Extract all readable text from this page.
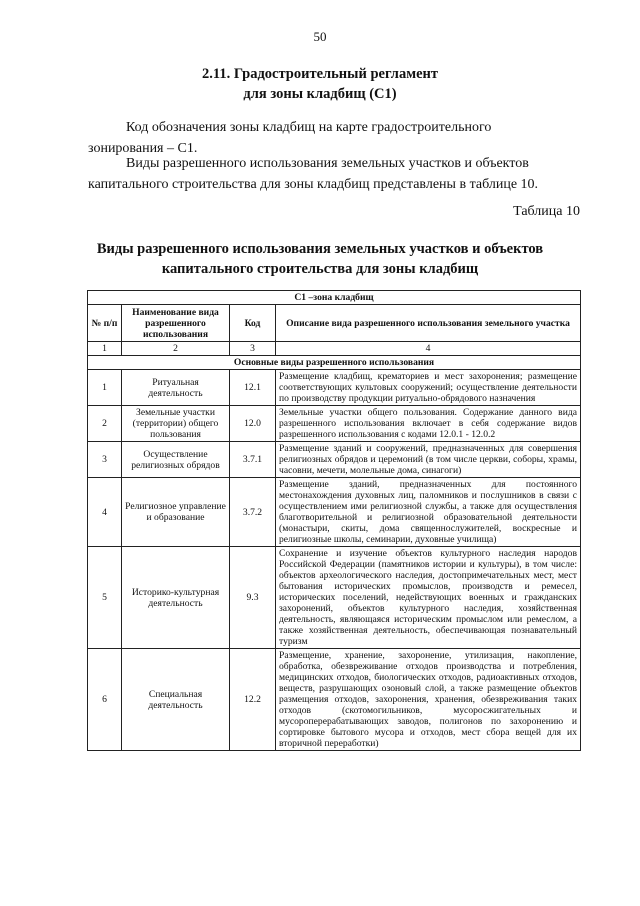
50
2.11. Градостроительный регламент
для зоны кладбищ (С1)
Код обозначения зоны кладбищ на карте градостроительного
зонирования – С1.
Виды разрешенного использования земельных участков и объектов
капитального строительства для зоны кладбищ представлены в таблице 10.
Таблица 10
Виды разрешенного использования земельных участков и объектов
капитального строительства для зоны кладбищ
С1 –зона кладбищ			
№ п/п	Наименование вида разрешенного использования	Код	Описание вида разрешенного использования земельного участка
1	2	3	4
Основные виды разрешенного использования			
1	Ритуальная деятельность	12.1	Размещение кладбищ, крематориев и мест захоронения; размещение соответствующих культовых сооружений; осуществление деятельности по производству продукции ритуально-обрядового назначения
2	Земельные участки (территории) общего пользования	12.0	Земельные участки общего пользования. Содержание данного вида разрешенного использования включает в себя содержание видов разрешенного использования с кодами 12.0.1 - 12.0.2
3	Осуществление религиозных обрядов	3.7.1	Размещение зданий и сооружений, предназначенных для совершения религиозных обрядов и церемоний (в том числе церкви, соборы, храмы, часовни, мечети, молельные дома, синагоги)
4	Религиозное управление и образование	3.7.2	Размещение зданий, предназначенных для постоянного местонахождения духовных лиц, паломников и послушников в связи с осуществлением ими религиозной службы, а также для осуществления благотворительной и религиозной образовательной деятельности (монастыри, скиты, дома священнослужителей, воскресные и религиозные школы, семинарии, духовные училища)
5	Историко-культурная деятельность	9.3	Сохранение и изучение объектов культурного наследия народов Российской Федерации (памятников истории и культуры), в том числе: объектов археологического наследия, достопримечательных мест, мест бытования исторических промыслов, производств и ремесел, исторических поселений, недействующих военных и гражданских захоронений, объектов культурного наследия, хозяйственная деятельность, являющаяся историческим промыслом или ремеслом, а также хозяйственная деятельность, обеспечивающая познавательный туризм
6	Специальная деятельность	12.2	Размещение, хранение, захоронение, утилизация, накопление, обработка, обезвреживание отходов производства и потребления, медицинских отходов, биологических отходов, радиоактивных отходов, веществ, разрушающих озоновый слой, а также размещение объектов размещения отходов, захоронения, хранения, обезвреживания таких отходов (скотомогильников, мусоросжигательных и мусороперерабатывающих заводов, полигонов по захоронению и сортировке бытового мусора и отходов, мест сбора вещей для их вторичной переработки)
